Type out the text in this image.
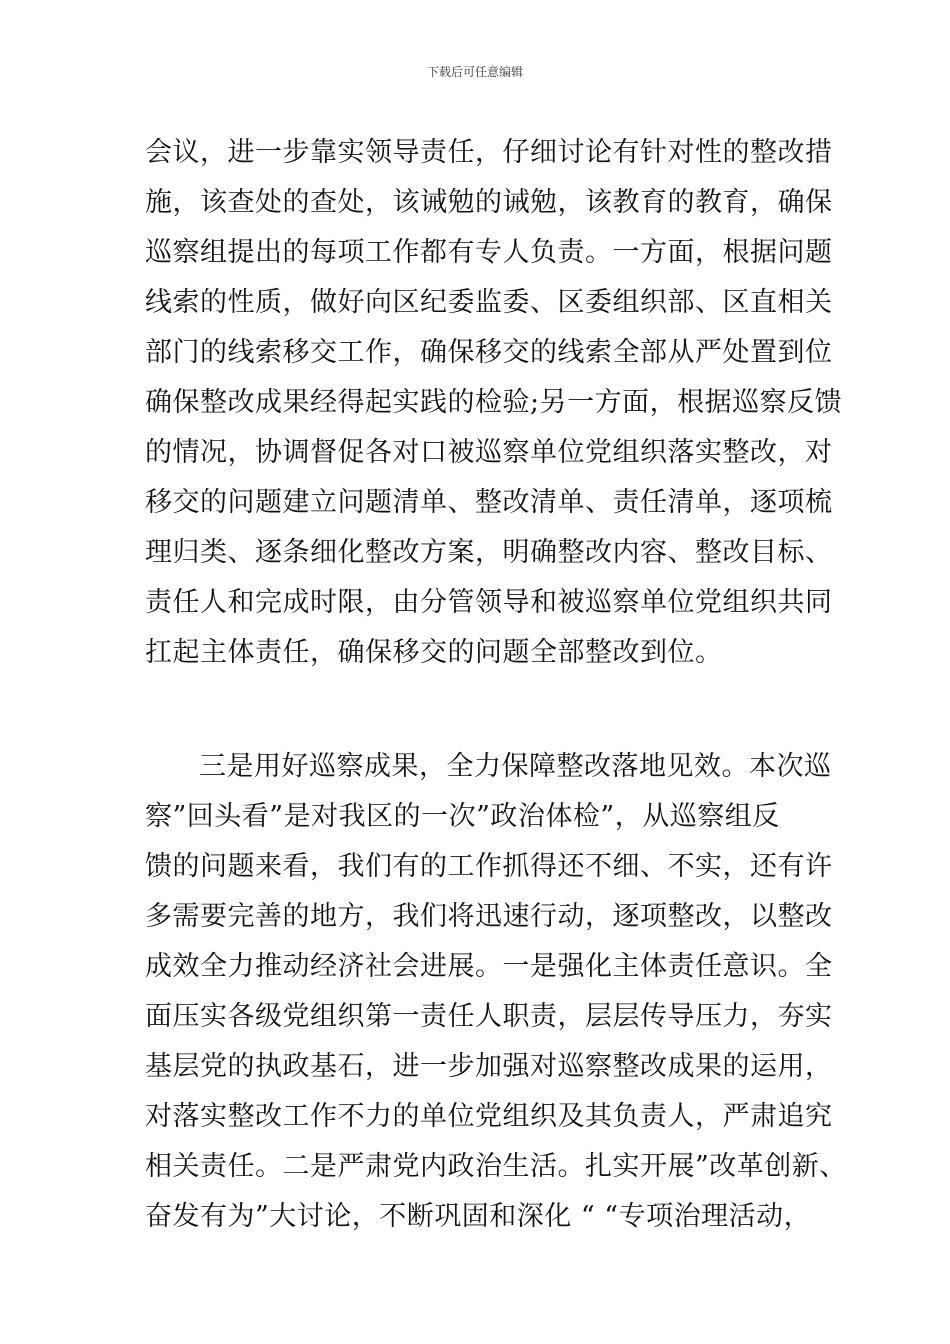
下载后可任意编辑
会议，进一步靠实领导责任，仔细讨论有针对性的整改措
施，该查处的查处，该诫勉的诫勉，该教育的教育，确保
巡察组提出的每项工作都有专人负责。一方面，根据问题
线索的性质，做好向区纪委监委、区委组织部、区直相关
部门的线索移交工作，确保移交的线索全部从严处置到位
确保整改成果经得起实践的检验;另一方面，根据巡察反馈
的情况，协调督促各对口被巡察单位党组织落实整改，对
移交的问题建立问题清单、整改清单、责任清单，逐项梳
理归类、逐条细化整改方案，明确整改内容、整改目标、
责任人和完成时限，由分管领导和被巡察单位党组织共同
扛起主体责任，确保移交的问题全部整改到位。
三是用好巡察成果，全力保障整改落地见效。本次巡
察”回头看”是对我区的一次”政治体检”，从巡察组反
馈的问题来看，我们有的工作抓得还不细、不实，还有许
多需要完善的地方，我们将迅速行动，逐项整改，以整改
成效全力推动经济社会进展。一是强化主体责任意识。全
面压实各级党组织第一责任人职责，层层传导压力，夯实
基层党的执政基石，进一步加强对巡察整改成果的运用，
对落实整改工作不力的单位党组织及其负责人，严肃追究
相关责任。二是严肃党内政治生活。扎实开展”改革创新、
奋发有为”大讨论，不断巩固和深化 “ “专项治理活动，
